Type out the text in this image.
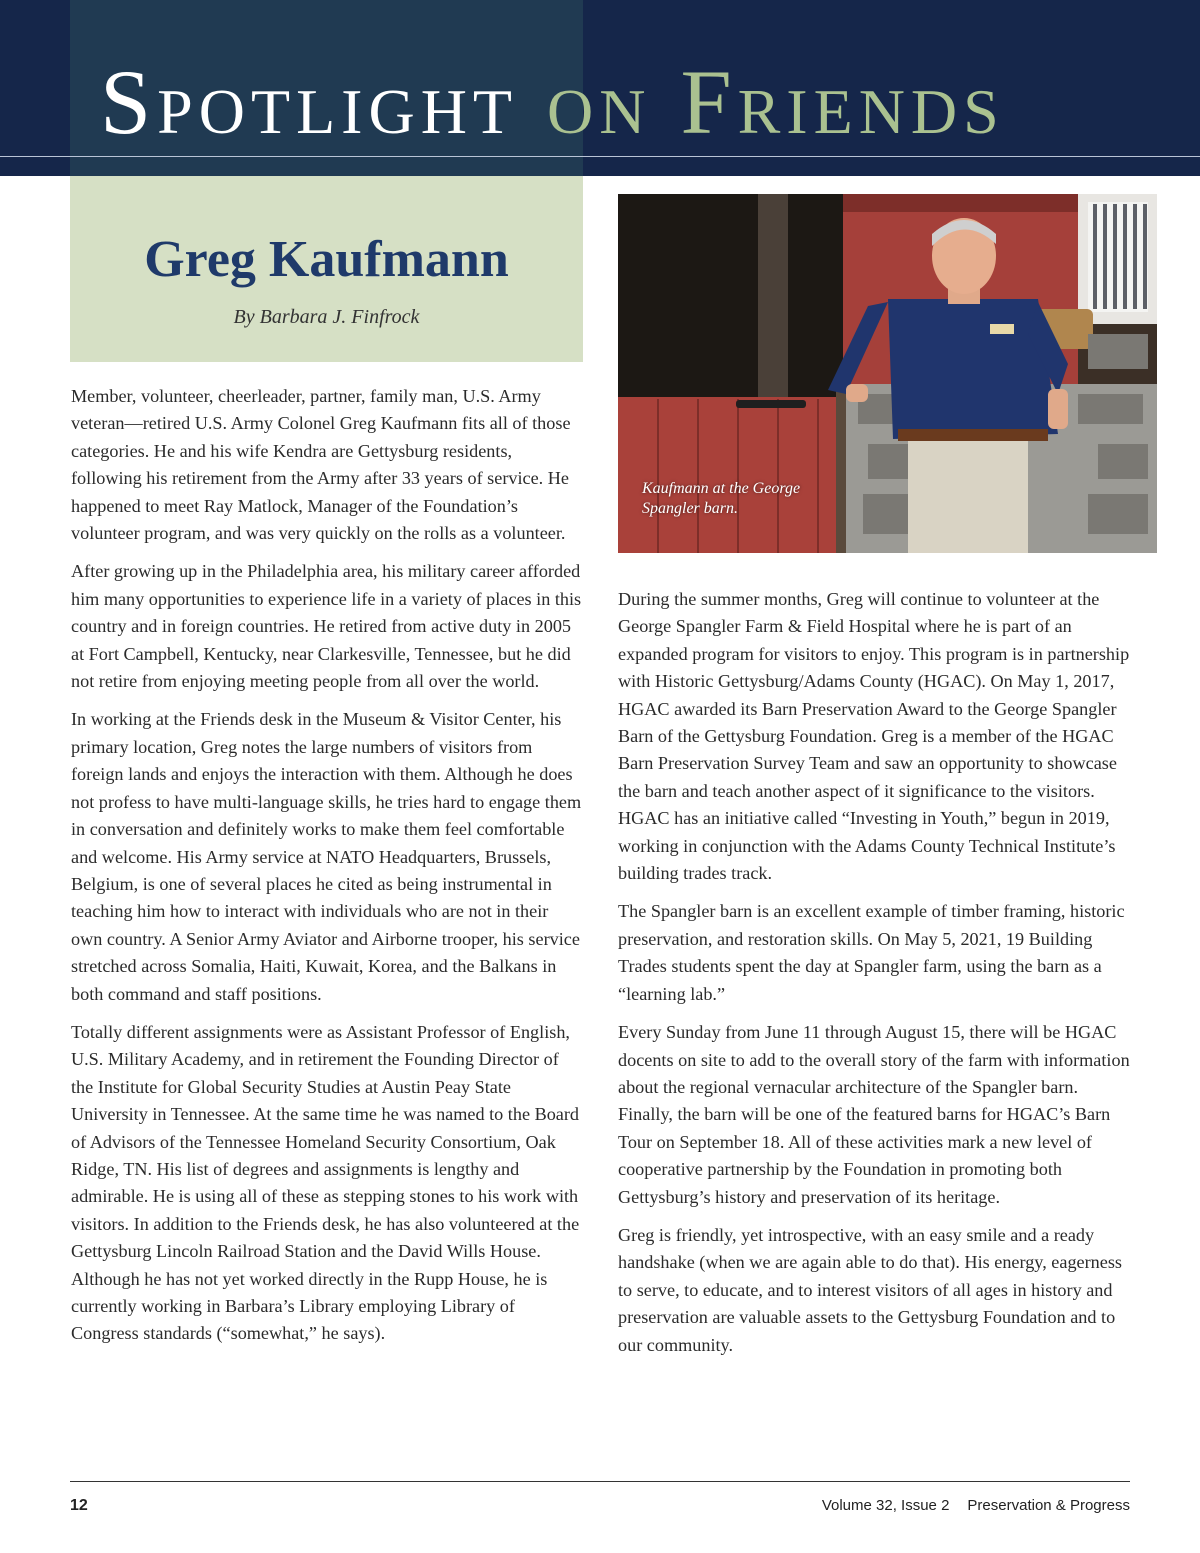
Spotlight on Friends
Greg Kaufmann
By Barbara J. Finfrock

Member, volunteer, cheerleader, partner, family man, U.S. Army veteran—retired U.S. Army Colonel Greg Kaufmann fits all of those categories. He and his wife Kendra are Gettysburg residents, following his retirement from the Army after 33 years of service. He happened to meet Ray Matlock, Manager of the Foundation’s volunteer program, and was very quickly on the rolls as a volunteer.

After growing up in the Philadelphia area, his military career afforded him many opportunities to experience life in a variety of places in this country and in foreign countries. He retired from active duty in 2005 at Fort Campbell, Kentucky, near Clarkesville, Tennessee, but he did not retire from enjoying meeting people from all over the world.

In working at the Friends desk in the Museum & Visitor Center, his primary location, Greg notes the large numbers of visitors from foreign lands and enjoys the interaction with them. Although he does not profess to have multi-language skills, he tries hard to engage them in conversation and definitely works to make them feel comfortable and welcome. His Army service at NATO Headquarters, Brussels, Belgium, is one of several places he cited as being instrumental in teaching him how to interact with individuals who are not in their own country. A Senior Army Aviator and Airborne trooper, his service stretched across Somalia, Haiti, Kuwait, Korea, and the Balkans in both command and staff positions.

Totally different assignments were as Assistant Professor of English, U.S. Military Academy, and in retirement the Founding Director of the Institute for Global Security Studies at Austin Peay State University in Tennessee. At the same time he was named to the Board of Advisors of the Tennessee Homeland Security Consortium, Oak Ridge, TN. His list of degrees and assignments is lengthy and admirable. He is using all of these as stepping stones to his work with visitors. In addition to the Friends desk, he has also volunteered at the Gettysburg Lincoln Railroad Station and the David Wills House. Although he has not yet worked directly in the Rupp House, he is currently working in Barbara’s Library employing Library of Congress standards (“somewhat,” he says).

Kaufmann at the George Spangler barn.

During the summer months, Greg will continue to volunteer at the George Spangler Farm & Field Hospital where he is part of an expanded program for visitors to enjoy. This program is in partnership with Historic Gettysburg/Adams County (HGAC). On May 1, 2017, HGAC awarded its Barn Preservation Award to the George Spangler Barn of the Gettysburg Foundation. Greg is a member of the HGAC Barn Preservation Survey Team and saw an opportunity to showcase the barn and teach another aspect of it significance to the visitors. HGAC has an initiative called “Investing in Youth,” begun in 2019, working in conjunction with the Adams County Technical Institute’s building trades track.

The Spangler barn is an excellent example of timber framing, historic preservation, and restoration skills. On May 5, 2021, 19 Building Trades students spent the day at Spangler farm, using the barn as a “learning lab.”

Every Sunday from June 11 through August 15, there will be HGAC docents on site to add to the overall story of the farm with information about the regional vernacular architecture of the Spangler barn. Finally, the barn will be one of the featured barns for HGAC’s Barn Tour on September 18. All of these activities mark a new level of cooperative partnership by the Foundation in promoting both Gettysburg’s history and preservation of its heritage.

Greg is friendly, yet introspective, with an easy smile and a ready handshake (when we are again able to do that). His energy, eagerness to serve, to educate, and to interest visitors of all ages in history and preservation are valuable assets to the Gettysburg Foundation and to our community.

12	Volume 32, Issue 2 Preservation & Progress
